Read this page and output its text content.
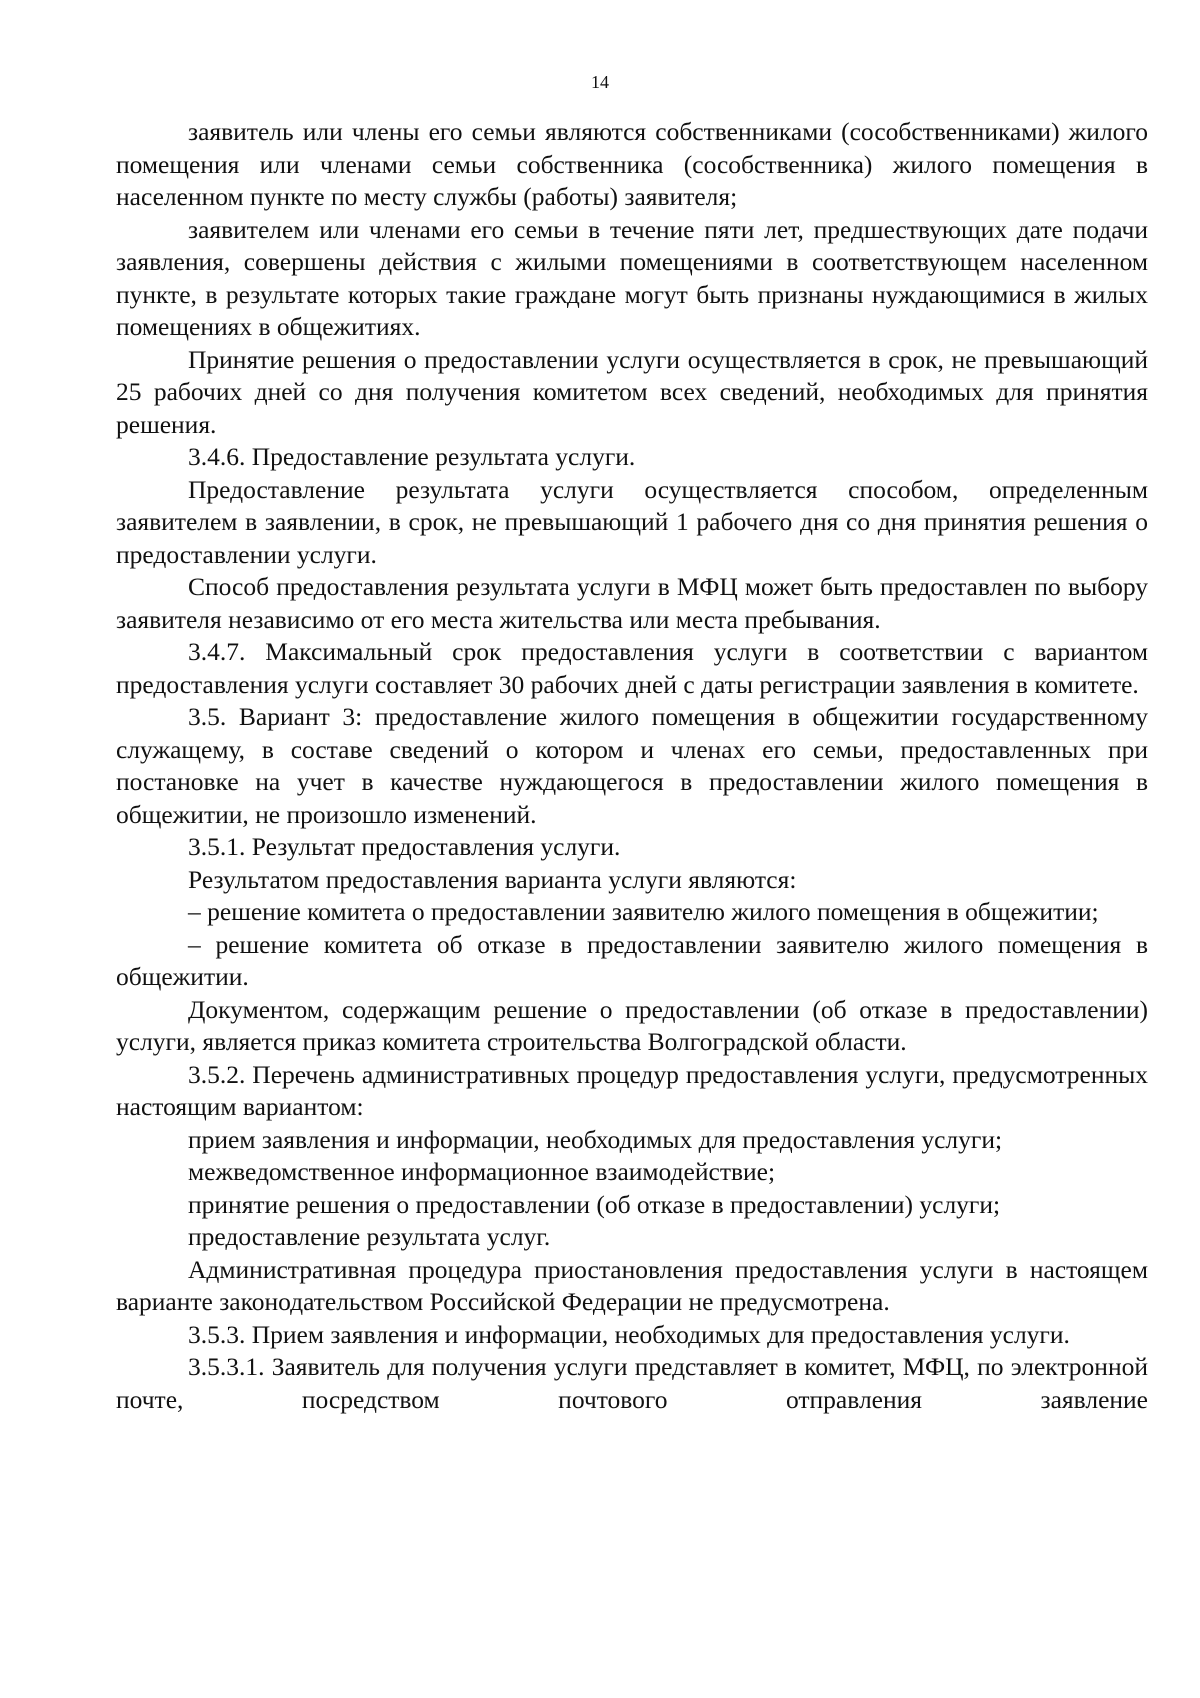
14

заявитель или члены его семьи являются собственниками (сособственниками) жилого помещения или членами семьи собственника (сособственника) жилого помещения в населенном пункте по месту службы (работы) заявителя;

заявителем или членами его семьи в течение пяти лет, предшествующих дате подачи заявления, совершены действия с жилыми помещениями в соответствующем населенном пункте, в результате которых такие граждане могут быть признаны нуждающимися в жилых помещениях в общежитиях.

Принятие решения о предоставлении услуги осуществляется в срок, не превышающий 25 рабочих дней со дня получения комитетом всех сведений, необходимых для принятия решения.

3.4.6. Предоставление результата услуги.

Предоставление результата услуги осуществляется способом, определенным заявителем в заявлении, в срок, не превышающий 1 рабочего дня со дня принятия решения о предоставлении услуги.

Способ предоставления результата услуги в МФЦ может быть предоставлен по выбору заявителя независимо от его места жительства или места пребывания.

3.4.7. Максимальный срок предоставления услуги в соответствии с вариантом предоставления услуги составляет 30 рабочих дней с даты регистрации заявления в комитете.

3.5. Вариант 3: предоставление жилого помещения в общежитии государственному служащему, в составе сведений о котором и членах его семьи, предоставленных при постановке на учет в качестве нуждающегося в предоставлении жилого помещения в общежитии, не произошло изменений.

3.5.1. Результат предоставления услуги.

Результатом предоставления варианта услуги являются:

– решение комитета о предоставлении заявителю жилого помещения в общежитии;

– решение комитета об отказе в предоставлении заявителю жилого помещения в общежитии.

Документом, содержащим решение о предоставлении (об отказе в предоставлении) услуги, является приказ комитета строительства Волгоградской области.

3.5.2. Перечень административных процедур предоставления услуги, предусмотренных настоящим вариантом:

прием заявления и информации, необходимых для предоставления услуги;

межведомственное информационное взаимодействие;

принятие решения о предоставлении (об отказе в предоставлении) услуги;

предоставление результата услуг.

Административная процедура приостановления предоставления услуги в настоящем варианте законодательством Российской Федерации не предусмотрена.

3.5.3. Прием заявления и информации, необходимых для предоставления услуги.

3.5.3.1. Заявитель для получения услуги представляет в комитет, МФЦ, по электронной почте, посредством почтового отправления заявление
